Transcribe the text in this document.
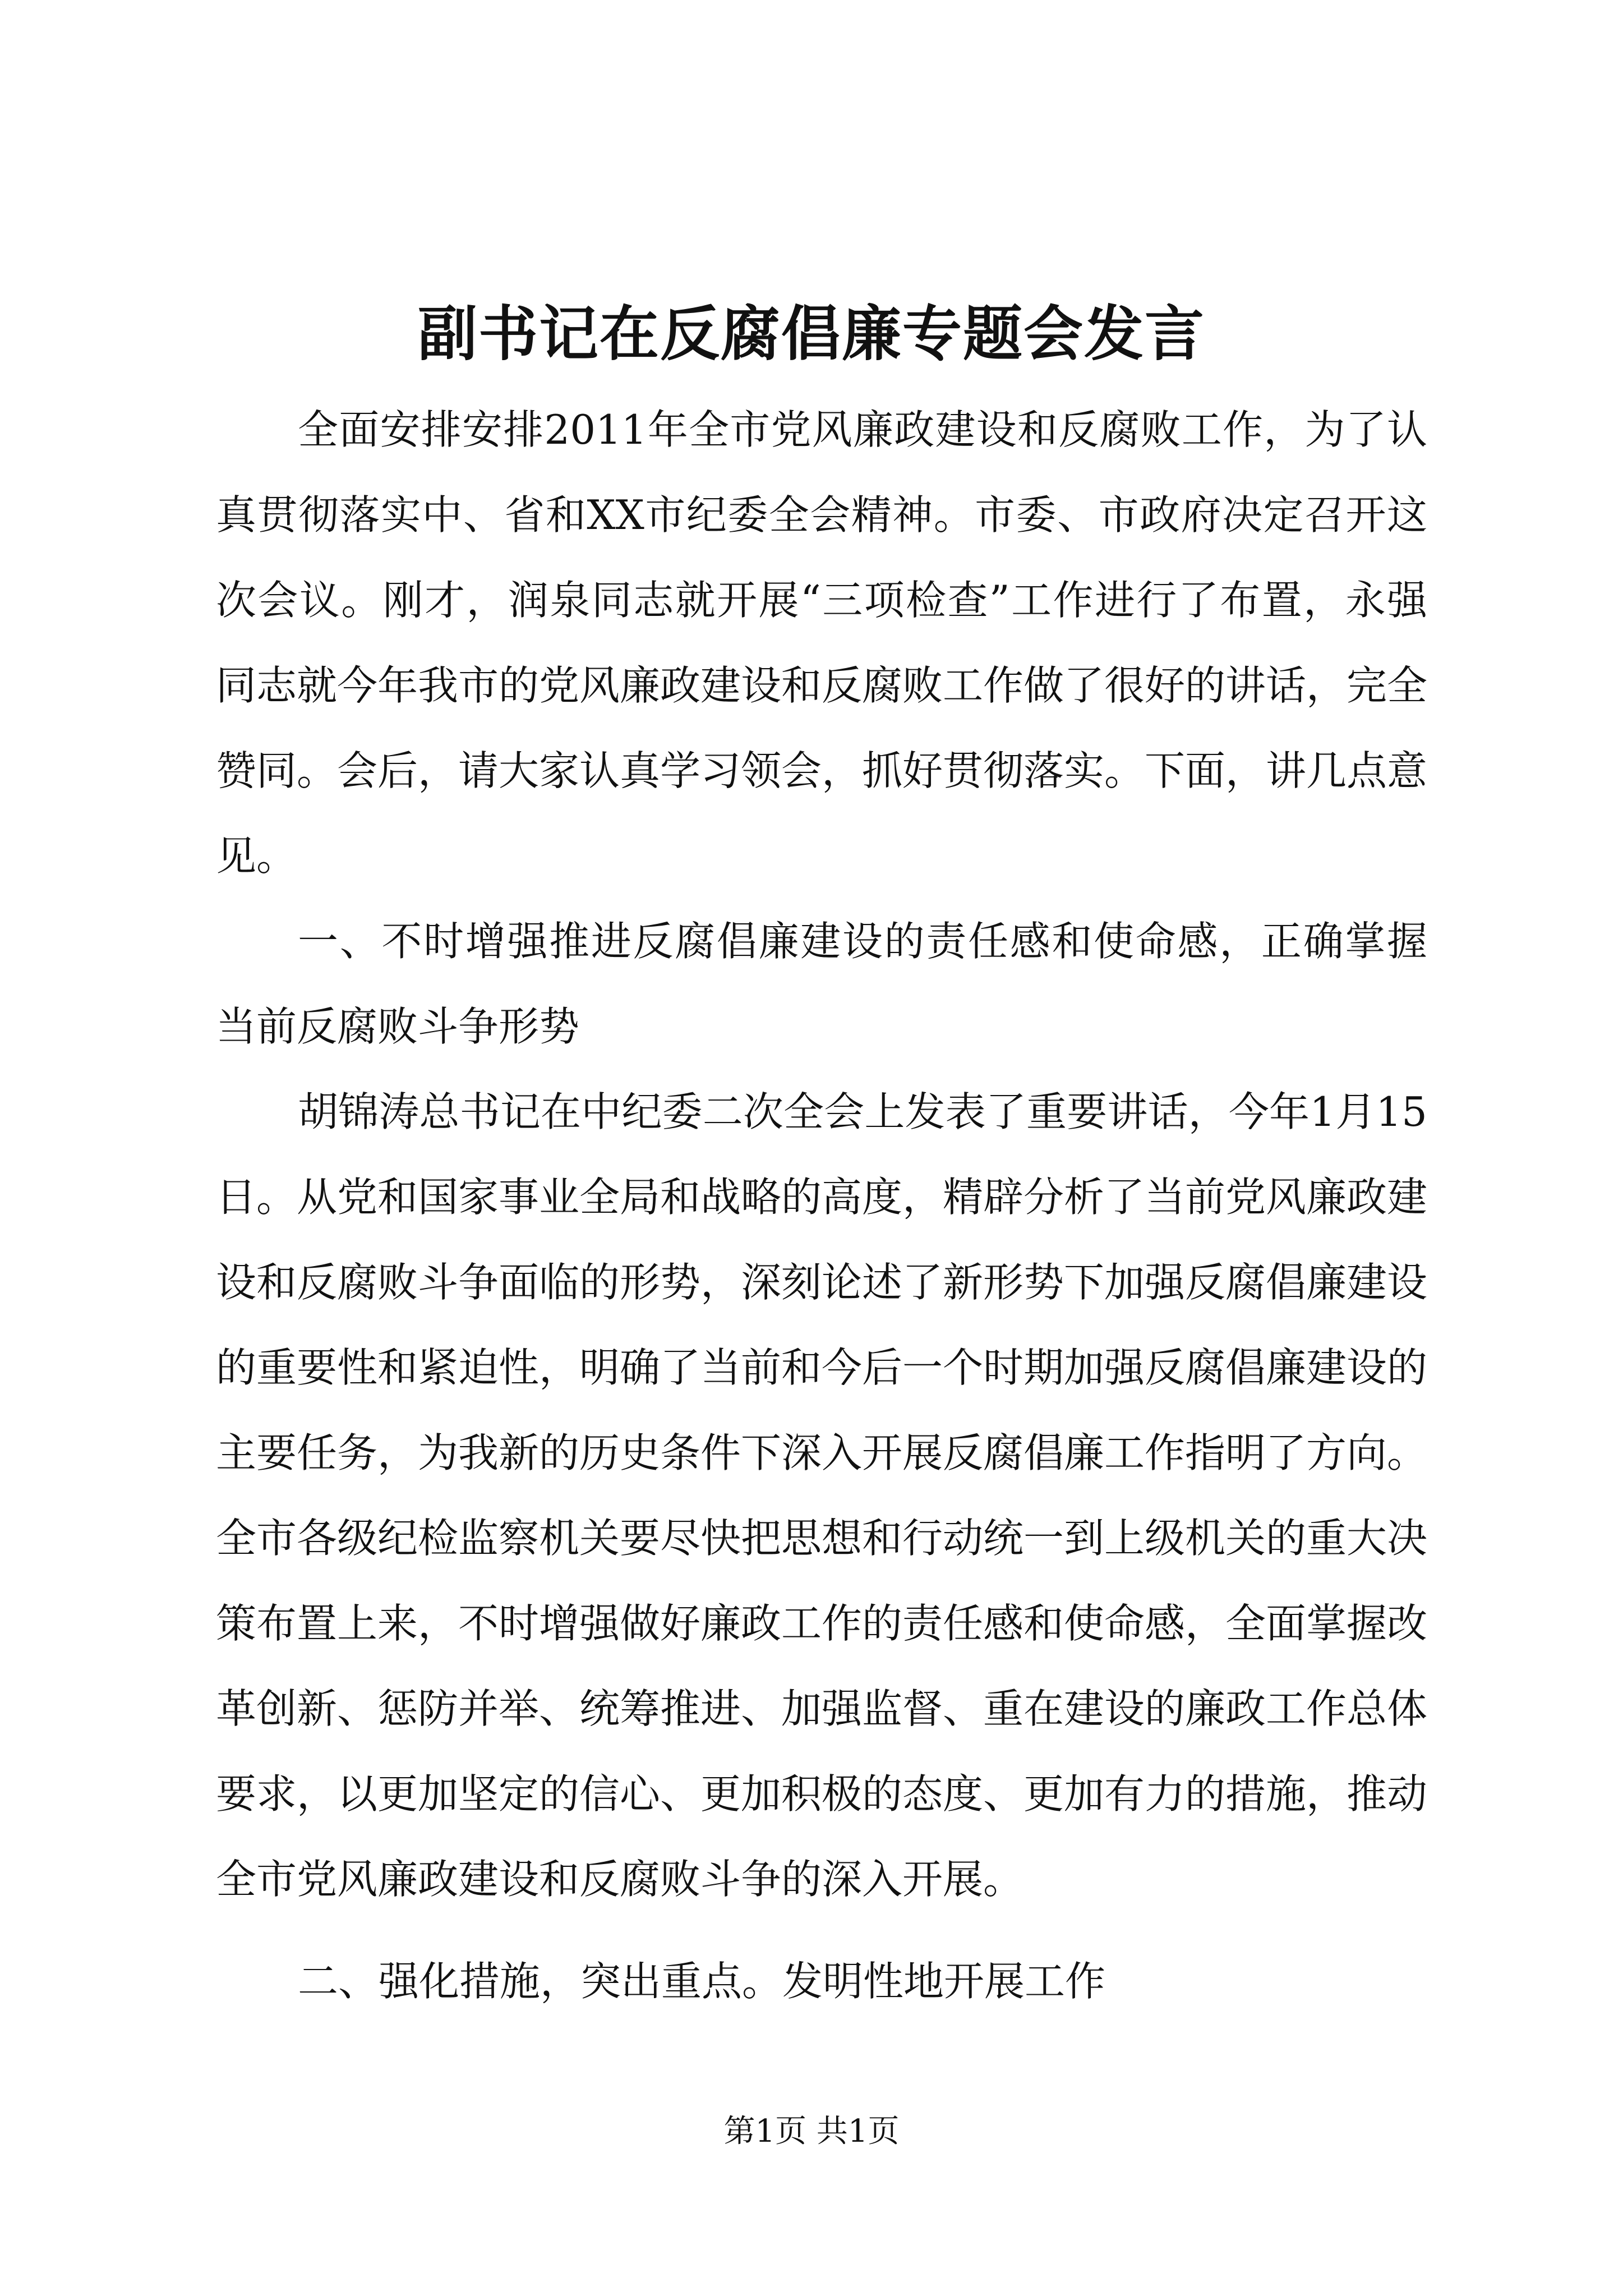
副书记在反腐倡廉专题会发言

全面安排安排2011年全市党风廉政建设和反腐败工作，为了认真贯彻落实中、省和XX市纪委全会精神。市委、市政府决定召开这次会议。刚才，润泉同志就开展“三项检查”工作进行了布置，永强同志就今年我市的党风廉政建设和反腐败工作做了很好的讲话，完全赞同。会后，请大家认真学习领会，抓好贯彻落实。下面，讲几点意见。

一、不时增强推进反腐倡廉建设的责任感和使命感，正确掌握当前反腐败斗争形势

胡锦涛总书记在中纪委二次全会上发表了重要讲话，今年1月15日。从党和国家事业全局和战略的高度，精辟分析了当前党风廉政建设和反腐败斗争面临的形势，深刻论述了新形势下加强反腐倡廉建设的重要性和紧迫性，明确了当前和今后一个时期加强反腐倡廉建设的主要任务，为我新的历史条件下深入开展反腐倡廉工作指明了方向。全市各级纪检监察机关要尽快把思想和行动统一到上级机关的重大决策布置上来，不时增强做好廉政工作的责任感和使命感，全面掌握改革创新、惩防并举、统筹推进、加强监督、重在建设的廉政工作总体要求，以更加坚定的信心、更加积极的态度、更加有力的措施，推动全市党风廉政建设和反腐败斗争的深入开展。

二、强化措施，突出重点。发明性地开展工作

第1页 共1页
